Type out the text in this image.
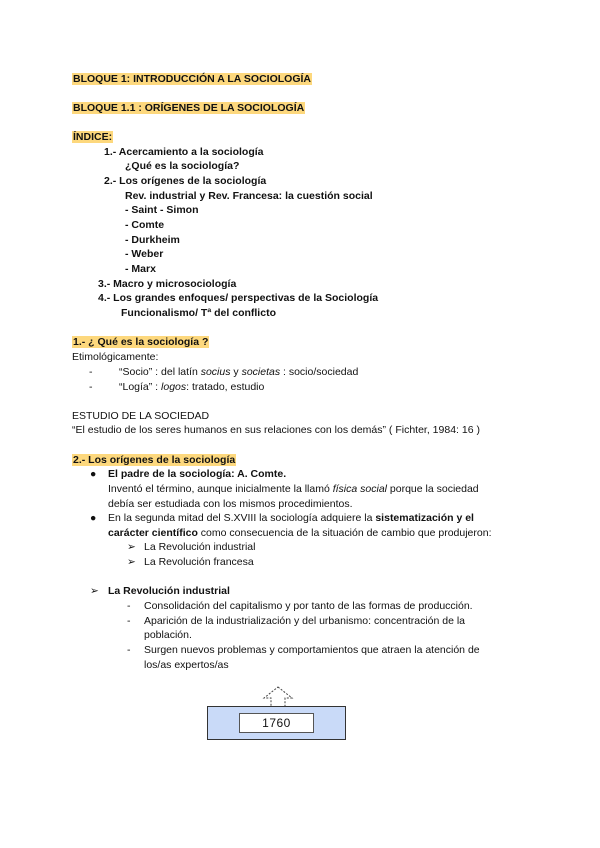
BLOQUE 1: INTRODUCCIÓN A LA SOCIOLOGÍA
BLOQUE 1.1 : ORÍGENES DE LA SOCIOLOGÍA
ÍNDICE:
1.- Acercamiento a la sociología
¿Qué es la sociología?
2.- Los orígenes de la sociología
Rev. industrial y Rev. Francesa: la cuestión social
- Saint - Simon
- Comte
- Durkheim
- Weber
- Marx
3.- Macro y microsociología
4.- Los grandes enfoques/ perspectivas de la Sociología
Funcionalismo/ Tª del conflicto
1.- ¿ Qué es la sociología ?
Etimológicamente:
-	“Socio” : del latín socius y societas : socio/sociedad
-	“Logía” : logos: tratado, estudio
ESTUDIO DE LA SOCIEDAD
“El estudio de los seres humanos en sus relaciones con los demás” ( Fichter, 1984: 16 )
2.- Los orígenes de la sociología
● El padre de la sociología: A. Comte.
Inventó el término, aunque inicialmente la llamó física social porque la sociedad
debía ser estudiada con los mismos procedimientos.
● En la segunda mitad del S.XVIII la sociología adquiere la sistematización y el
carácter científico como consecuencia de la situación de cambio que produjeron:
➢ La Revolución industrial
➢ La Revolución francesa
➢ La Revolución industrial
- Consolidación del capitalismo y por tanto de las formas de producción.
- Aparición de la industrialización y del urbanismo: concentración de la
población.
- Surgen nuevos problemas y comportamientos que atraen la atención de
los/as expertos/as
1760
